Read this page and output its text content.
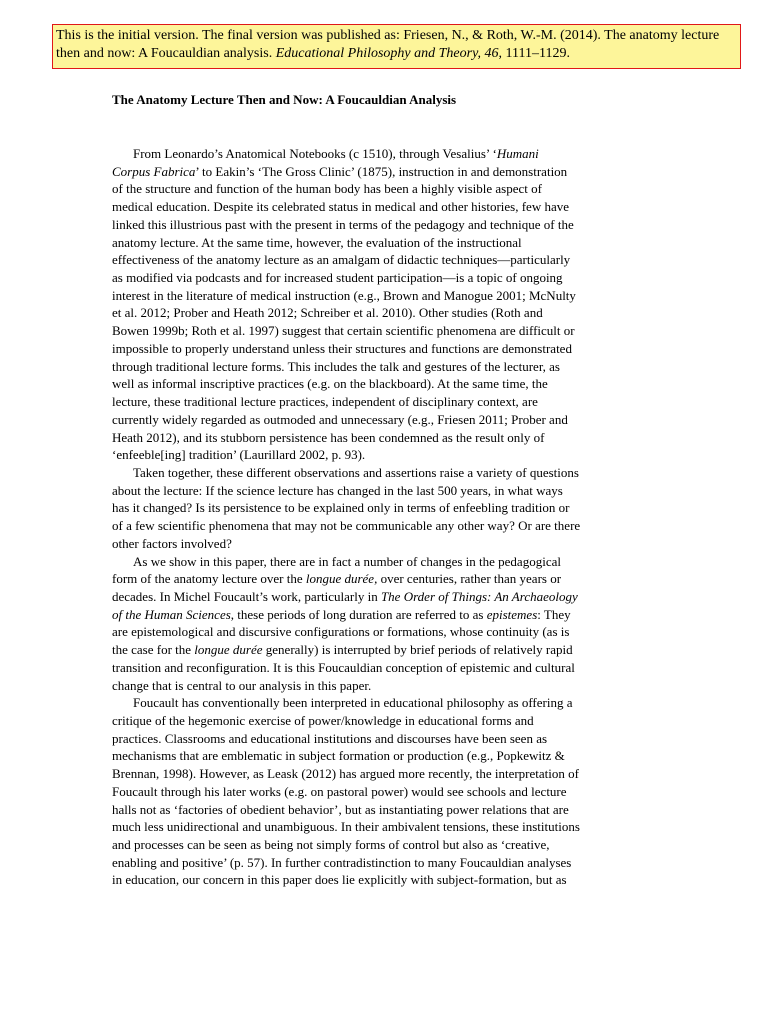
This is the initial version. The final version was published as: Friesen, N., & Roth, W.-M. (2014). The anatomy lecture then and now: A Foucauldian analysis. Educational Philosophy and Theory, 46, 1111–1129.
The Anatomy Lecture Then and Now: A Foucauldian Analysis
From Leonardo’s Anatomical Notebooks (c 1510), through Vesalius’ ‘Humani
Corpus Fabrica’ to Eakin’s ‘The Gross Clinic’ (1875), instruction in and demonstration
of the structure and function of the human body has been a highly visible aspect of
medical education. Despite its celebrated status in medical and other histories, few have
linked this illustrious past with the present in terms of the pedagogy and technique of the
anatomy lecture. At the same time, however, the evaluation of the instructional
effectiveness of the anatomy lecture as an amalgam of didactic techniques—particularly
as modified via podcasts and for increased student participation—is a topic of ongoing
interest in the literature of medical instruction (e.g., Brown and Manogue 2001; McNulty
et al. 2012; Prober and Heath 2012; Schreiber et al. 2010). Other studies (Roth and
Bowen 1999b; Roth et al. 1997) suggest that certain scientific phenomena are difficult or
impossible to properly understand unless their structures and functions are demonstrated
through traditional lecture forms. This includes the talk and gestures of the lecturer, as
well as informal inscriptive practices (e.g. on the blackboard). At the same time, the
lecture, these traditional lecture practices, independent of disciplinary context, are
currently widely regarded as outmoded and unnecessary (e.g., Friesen 2011; Prober and
Heath 2012), and its stubborn persistence has been condemned as the result only of
‘enfeeble[ing] tradition’ (Laurillard 2002, p. 93).
Taken together, these different observations and assertions raise a variety of questions
about the lecture: If the science lecture has changed in the last 500 years, in what ways
has it changed? Is its persistence to be explained only in terms of enfeebling tradition or
of a few scientific phenomena that may not be communicable any other way? Or are there
other factors involved?
As we show in this paper, there are in fact a number of changes in the pedagogical
form of the anatomy lecture over the longue durée, over centuries, rather than years or
decades. In Michel Foucault’s work, particularly in The Order of Things: An Archaeology
of the Human Sciences, these periods of long duration are referred to as epistemes: They
are epistemological and discursive configurations or formations, whose continuity (as is
the case for the longue durée generally) is interrupted by brief periods of relatively rapid
transition and reconfiguration. It is this Foucauldian conception of epistemic and cultural
change that is central to our analysis in this paper.
Foucault has conventionally been interpreted in educational philosophy as offering a
critique of the hegemonic exercise of power/knowledge in educational forms and
practices. Classrooms and educational institutions and discourses have been seen as
mechanisms that are emblematic in subject formation or production (e.g., Popkewitz &
Brennan, 1998). However, as Leask (2012) has argued more recently, the interpretation of
Foucault through his later works (e.g. on pastoral power) would see schools and lecture
halls not as ‘factories of obedient behavior’, but as instantiating power relations that are
much less unidirectional and unambiguous. In their ambivalent tensions, these institutions
and processes can be seen as being not simply forms of control but also as ‘creative,
enabling and positive’ (p. 57). In further contradistinction to many Foucauldian analyses
in education, our concern in this paper does lie explicitly with subject-formation, but as
